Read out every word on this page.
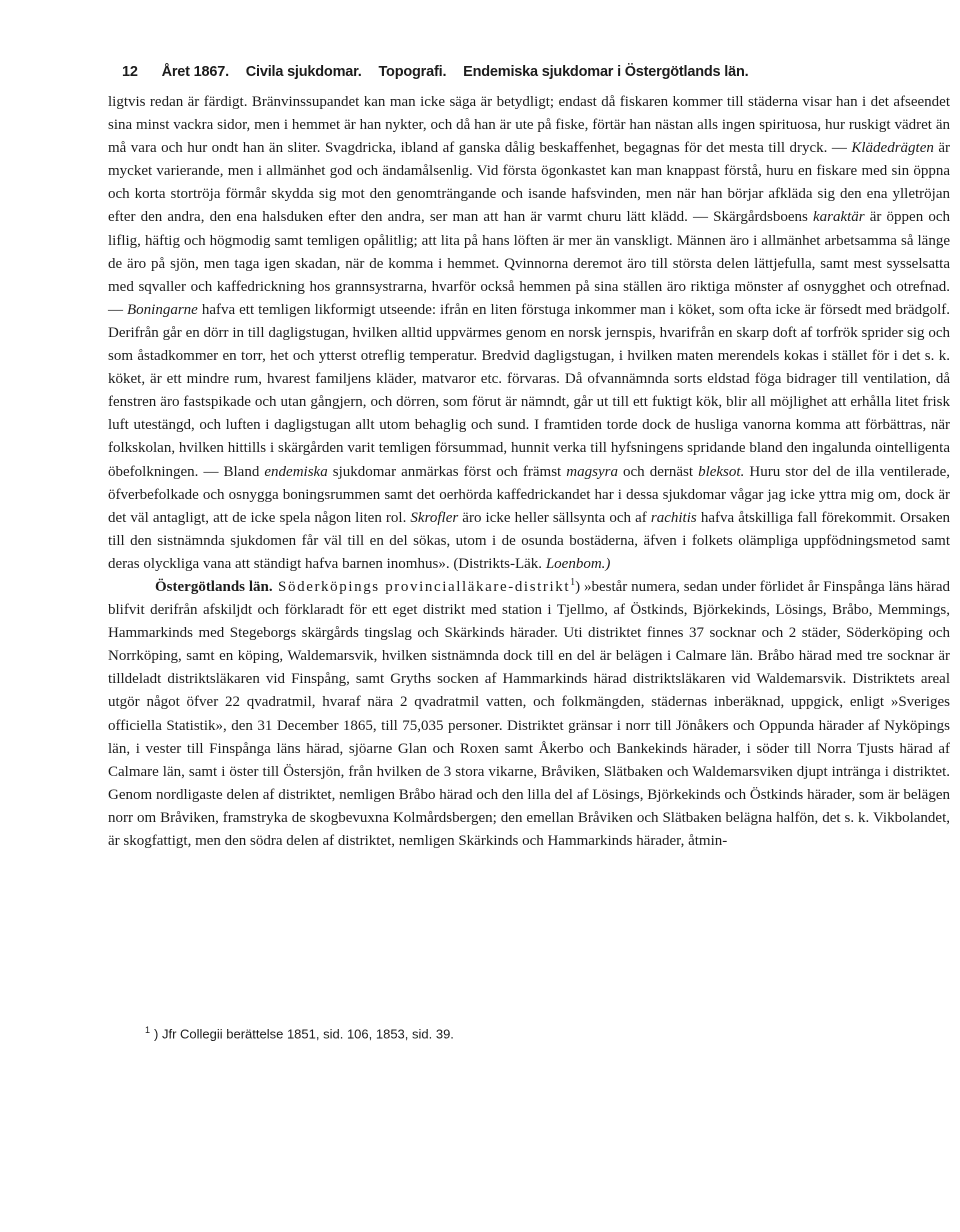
12 Året 1867. Civila sjukdomar. Topografi. Endemiska sjukdomar i Östergötlands län.

ligtvis redan är färdigt. Bränvinssupandet kan man icke säga är betydligt; endast då fiskaren kommer till städerna visar han i det afseendet sina minst vackra sidor, men i hemmet är han nykter, och då han är ute på fiske, förtär han nästan alls ingen spirituosa, hur ruskigt vädret än må vara och hur ondt han än sliter. Svagdricka, ibland af ganska dålig beskaffenhet, begagnas för det mesta till dryck. — Klädedrägten är mycket varierande, men i allmänhet god och ändamålsenlig. Vid första ögonkastet kan man knappast förstå, huru en fiskare med sin öppna och korta stortröja förmår skydda sig mot den genomträngande och isande hafsvinden, men när han börjar afkläda sig den ena ylletröjan efter den andra, den ena halsduken efter den andra, ser man att han är varmt churu lätt klädd. — Skärgårdsboens karaktär är öppen och liflig, häftig och högmodig samt temligen opålitlig; att lita på hans löften är mer än vanskligt. Männen äro i allmänhet arbetsamma så länge de äro på sjön, men taga igen skadan, när de komma i hemmet. Qvinnorna deremot äro till största delen lättjefulla, samt mest sysselsatta med sqvaller och kaffedrickning hos grannsystrarna, hvarför också hemmen på sina ställen äro riktiga mönster af osnygghet och otrefnad. — Boningarne hafva ett temligen likformigt utseende: ifrån en liten förstuga inkommer man i köket, som ofta icke är försedt med brädgolf. Derifrån går en dörr in till dagligstugan, hvilken alltid uppvärmes genom en norsk jernspis, hvarifrån en skarp doft af torfrök sprider sig och som åstadkommer en torr, het och ytterst otreflig temperatur. Bredvid dagligstugan, i hvilken maten merendels kokas i stället för i det s. k. köket, är ett mindre rum, hvarest familjens kläder, matvaror etc. förvaras. Då ofvannämnda sorts eldstad föga bidrager till ventilation, då fenstren äro fastspikade och utan gångjern, och dörren, som förut är nämndt, går ut till ett fuktigt kök, blir all möjlighet att erhålla litet frisk luft utestängd, och luften i dagligstugan allt utom behaglig och sund. I framtiden torde dock de husliga vanorna komma att förbättras, när folkskolan, hvilken hittills i skärgården varit temligen försummad, hunnit verka till hyfsningens spridande bland den ingalunda ointelligenta öbefolkningen. — Bland endemiska sjukdomar anmärkas först och främst magsyra och dernäst bleksot. Huru stor del de illa ventilerade, öfverbefolkade och osnygga boningsrummen samt det oerhörda kaffedrickandet har i dessa sjukdomar vågar jag icke yttra mig om, dock är det väl antagligt, att de icke spela någon liten rol. Skrofler äro icke heller sällsynta och af rachitis hafva åtskilliga fall förekommit. Orsaken till den sistnämnda sjukdomen får väl till en del sökas, utom i de osunda bostäderna, äfven i folkets olämpliga uppfödningsmetod samt deras olyckliga vana att ständigt hafva barnen inomhus». (Distrikts-Läk. Loenbom.)

Östergötlands län. Söderköpings provincialläkare-distrikt$^1$) »består numera, sedan under förlidet år Finspånga läns härad blifvit derifrån afskiljdt och förklaradt för ett eget distrikt med station i Tjellmo, af Östkinds, Björkekinds, Lösings, Bråbo, Memmings, Hammarkinds med Stegeborgs skärgårds tingslag och Skärkinds härader. Uti distriktet finnes 37 socknar och 2 städer, Söderköping och Norrköping, samt en köping, Waldemarsvik, hvilken sistnämnda dock till en del är belägen i Calmare län. Bråbo härad med tre socknar är tilldeladt distriktsläkaren vid Finspång, samt Gryths socken af Hammarkinds härad distriktsläkaren vid Waldemarsvik. Distriktets areal utgör något öfver 22 qvadratmil, hvaraf nära 2 qvadratmil vatten, och folkmängden, städernas inberäknad, uppgick, enligt »Sveriges officiella Statistik», den 31 December 1865, till 75,035 personer. Distriktet gränsar i norr till Jönåkers och Oppunda härader af Nyköpings län, i vester till Finspånga läns härad, sjöarne Glan och Roxen samt Åkerbo och Bankekinds härader, i söder till Norra Tjusts härad af Calmare län, samt i öster till Östersjön, från hvilken de 3 stora vikarne, Bråviken, Slätbaken och Waldemarsviken djupt intränga i distriktet. Genom nordligaste delen af distriktet, nemligen Bråbo härad och den lilla del af Lösings, Björkekinds och Östkinds härader, som är belägen norr om Bråviken, framstryka de skogbevuxna Kolmårdsbergen; den emellan Bråviken och Slätbaken belägna halfön, det s. k. Vikbolandet, är skogfattigt, men den södra delen af distriktet, nemligen Skärkinds och Hammarkinds härader, åtmin-

$^1$ ) Jfr Collegii berättelse 1851, sid. 106, 1853, sid. 39.
